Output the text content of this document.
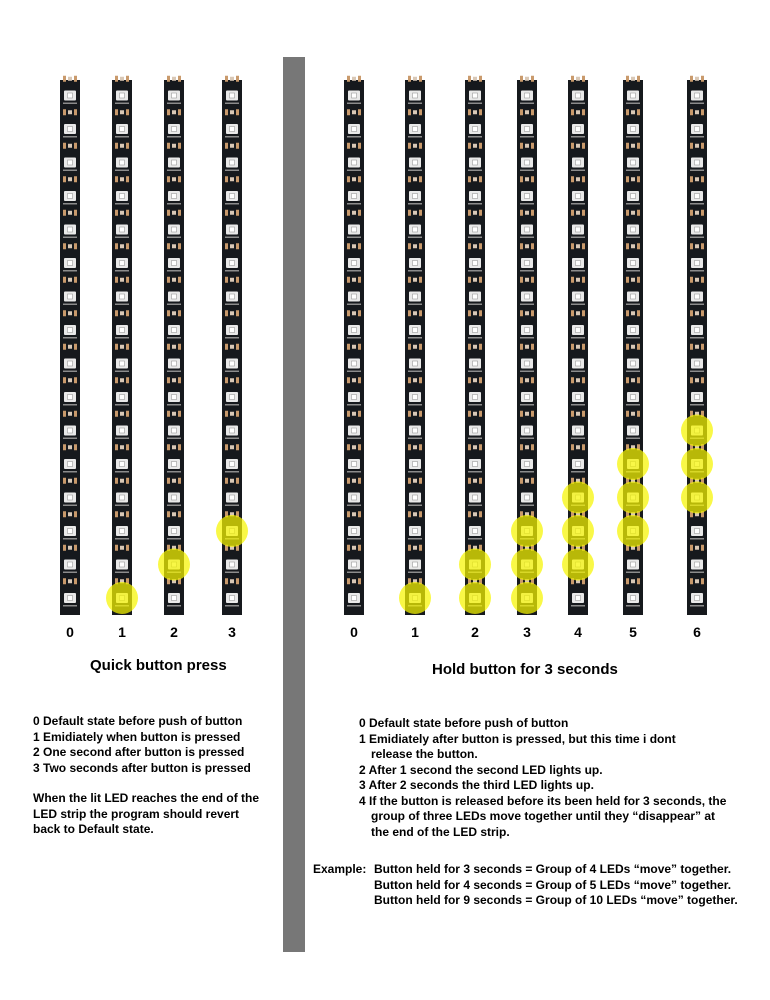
0	1	2	3	0	1	2	3	4	5	6
Quick button press	Hold button for 3 seconds

0 Default state before push of button

1 Emidiately when button is pressed

2 One second after button is pressed

3 Two seconds after button is pressed

When the lit LED reaches the end of the

LED strip the program should revert

back to Default state.

0 Default state before push of button

1 Emidiately after button is pressed, but this time i dont

release the button.

2 After 1 second the second LED lights up.

3 After 2 seconds the third LED lights up.

4 If the button is released before its been held for 3 seconds, the

group of three LEDs move together until they “disappear” at

the end of the LED strip.

Example: Button held for 3 seconds = Group of 4 LEDs “move” together.
Button held for 4 seconds = Group of 5 LEDs “move” together.
Button held for 9 seconds = Group of 10 LEDs “move” together.
